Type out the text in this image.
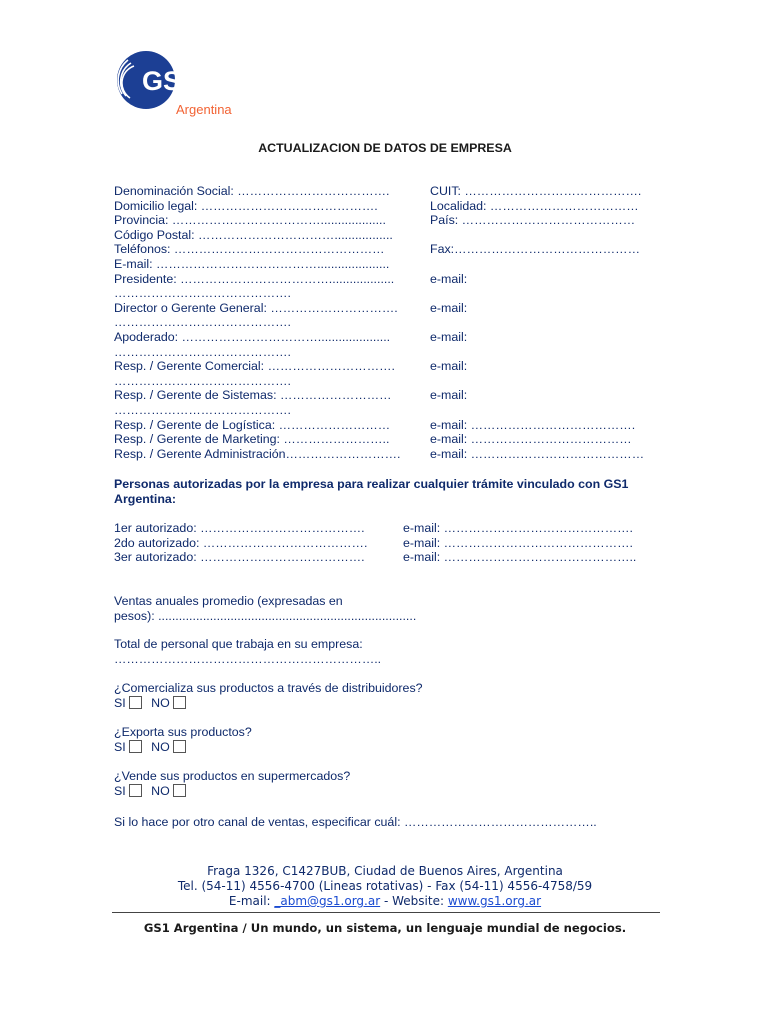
GS1
Argentina
ACTUALIZACION DE DATOS DE EMPRESA
Denominación Social: ……………………………….
Domicilio legal: …………………………………….
Provincia: ………………………………...................
Código Postal: …………………………….................
Teléfonos: ……………………………………………
E-mail: ………………………………….....................
Presidente: ………………………………...................
…………………………………….
Director o Gerente General: ………………………….
…………………………………….
Apoderado: …………………………….....................
…………………………………….
Resp. / Gerente Comercial: ………………………….
…………………………………….
Resp. / Gerente de Sistemas: ………………………
…………………………………….
Resp. / Gerente de Logística: ………………………
Resp. / Gerente de Marketing: ……………………..
Resp. / Gerente Administración……………………….
CUIT: …………………………………….
Localidad: ………………………………
País: ……………………………………
Fax:………………………………………
e-mail:
e-mail:
e-mail:
e-mail:
e-mail:
e-mail: ………………………………….
e-mail: …………………………………
e-mail: ……………………………………
Personas autorizadas por la empresa para realizar cualquier trámite vinculado con GS1 Argentina:
1er autorizado: ………………………………….
2do autorizado: ………………………………….
3er autorizado: ………………………………….
e-mail: ……………………………………….
e-mail: ……………………………………….
e-mail: ………………………………………..
Ventas anuales promedio (expresadas en
pesos): ...........................................................................
Total de personal que trabaja en su empresa:
………………………………………………………..
¿Comercializa sus productos a través de distribuidores?
SI NO
¿Exporta sus productos?
SI NO
¿Vende sus productos en supermercados?
SI NO
Si lo hace por otro canal de ventas, especificar cuál: ………………………………………..
Fraga 1326, C1427BUB, Ciudad de Buenos Aires, Argentina
Tel. (54-11) 4556-4700 (Lineas rotativas) - Fax (54-11) 4556-4758/59
E-mail: _abm@gs1.org.ar - Website: www.gs1.org.ar
GS1 Argentina / Un mundo, un sistema, un lenguaje mundial de negocios.
